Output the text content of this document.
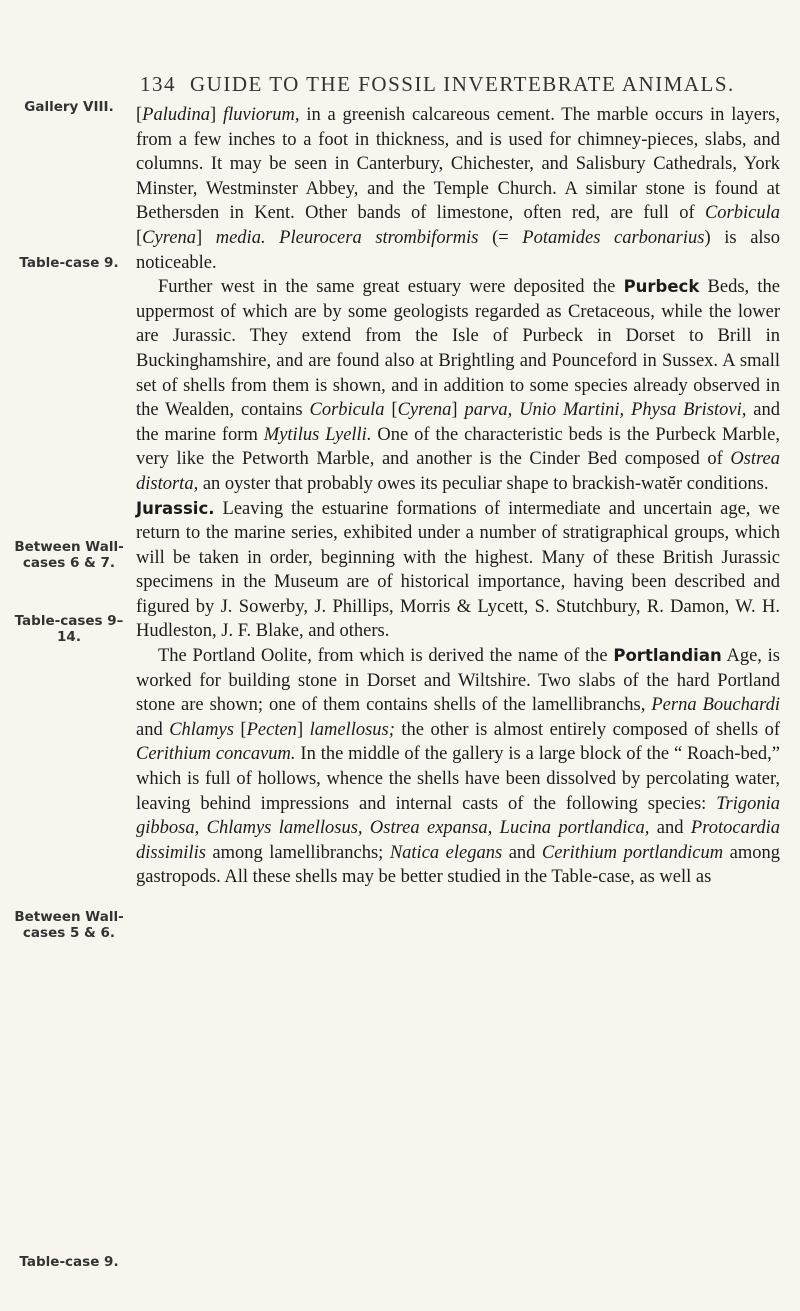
134 GUIDE TO THE FOSSIL INVERTEBRATE ANIMALS.
Gallery VIII.
Table-case 9.
Between Wall-cases 6 & 7.
Table-cases 9–14.
Between Wall-cases 5 & 6.
Table-case 9.

[Paludina] fluviorum, in a greenish calcareous cement. The marble occurs in layers, from a few inches to a foot in thickness, and is used for chimney-pieces, slabs, and columns. It may be seen in Canterbury, Chichester, and Salisbury Cathedrals, York Minster, Westminster Abbey, and the Temple Church. A similar stone is found at Bethersden in Kent. Other bands of limestone, often red, are full of Corbicula [Cyrena] media. Pleurocera strombiformis (= Potamides carbonarius) is also noticeable.

Further west in the same great estuary were deposited the Purbeck Beds, the uppermost of which are by some geologists regarded as Cretaceous, while the lower are Jurassic. They extend from the Isle of Purbeck in Dorset to Brill in Buckinghamshire, and are found also at Brightling and Pounceford in Sussex. A small set of shells from them is shown, and in addition to some species already observed in the Wealden, contains Corbicula [Cyrena] parva, Unio Martini, Physa Bristovi, and the marine form Mytilus Lyelli. One of the characteristic beds is the Purbeck Marble, very like the Petworth Marble, and another is the Cinder Bed composed of Ostrea distorta, an oyster that probably owes its peculiar shape to brackish-watĕr conditions.

Jurassic. Leaving the estuarine formations of intermediate and uncertain age, we return to the marine series, exhibited under a number of stratigraphical groups, which will be taken in order, beginning with the highest. Many of these British Jurassic specimens in the Museum are of historical importance, having been described and figured by J. Sowerby, J. Phillips, Morris & Lycett, S. Stutchbury, R. Damon, W. H. Hudleston, J. F. Blake, and others.

The Portland Oolite, from which is derived the name of the Portlandian Age, is worked for building stone in Dorset and Wiltshire. Two slabs of the hard Portland stone are shown; one of them contains shells of the lamellibranchs, Perna Bouchardi and Chlamys [Pecten] lamellosus; the other is almost entirely composed of shells of Cerithium concavum. In the middle of the gallery is a large block of the “ Roach-bed,” which is full of hollows, whence the shells have been dissolved by percolating water, leaving behind impressions and internal casts of the following species: Trigonia gibbosa, Chlamys lamellosus, Ostrea expansa, Lucina portlandica, and Protocardia dissimilis among lamellibranchs; Natica elegans and Cerithium portlandicum among gastropods. All these shells may be better studied in the Table-case, as well as
